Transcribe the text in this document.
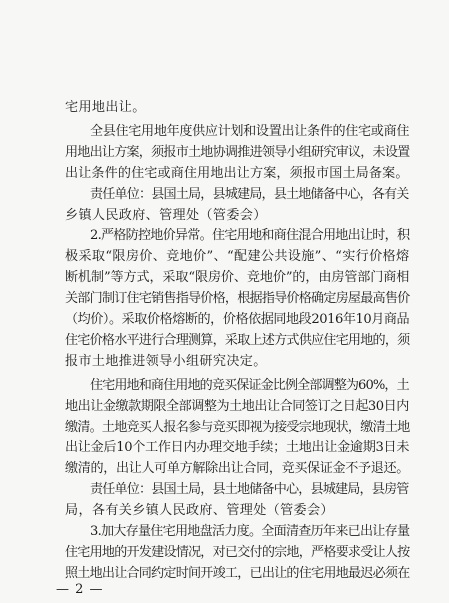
宅用地出让。
全县住宅用地年度供应计划和设置出让条件的住宅或商住
用地出让方案，须报市土地协调推进领导小组研究审议，未设置
出让条件的住宅或商住用地出让方案，须报市国土局备案。
责任单位：县国土局，县城建局，县土地储备中心，各有关
乡镇人民政府、管理处（管委会）
2.严格防控地价异常。住宅用地和商住混合用地出让时，积
极采取“限房价、竞地价”、“配建公共设施”、“实行价格熔
断机制”等方式，采取“限房价、竞地价”的，由房管部门商相
关部门制订住宅销售指导价格，根据指导价格确定房屋最高售价
（均价）。采取价格熔断的，价格依据同地段2016年10月商品
住宅价格水平进行合理测算，采取上述方式供应住宅用地的，须
报市土地推进领导小组研究决定。
住宅用地和商住用地的竞买保证金比例全部调整为60%，土
地出让金缴款期限全部调整为土地出让合同签订之日起30日内
缴清。土地竞买人报名参与竞买即视为接受宗地现状，缴清土地
出让金后10个工作日内办理交地手续；土地出让金逾期3日未
缴清的，出让人可单方解除出让合同，竞买保证金不予退还。
责任单位：县国土局，县土地储备中心，县城建局，县房管
局，各有关乡镇人民政府、管理处（管委会）
3.加大存量住宅用地盘活力度。全面清查历年来已出让存量
住宅用地的开发建设情况，对已交付的宗地，严格要求受让人按
照土地出让合同约定时间开竣工，已出让的住宅用地最迟必须在
— 2 —
